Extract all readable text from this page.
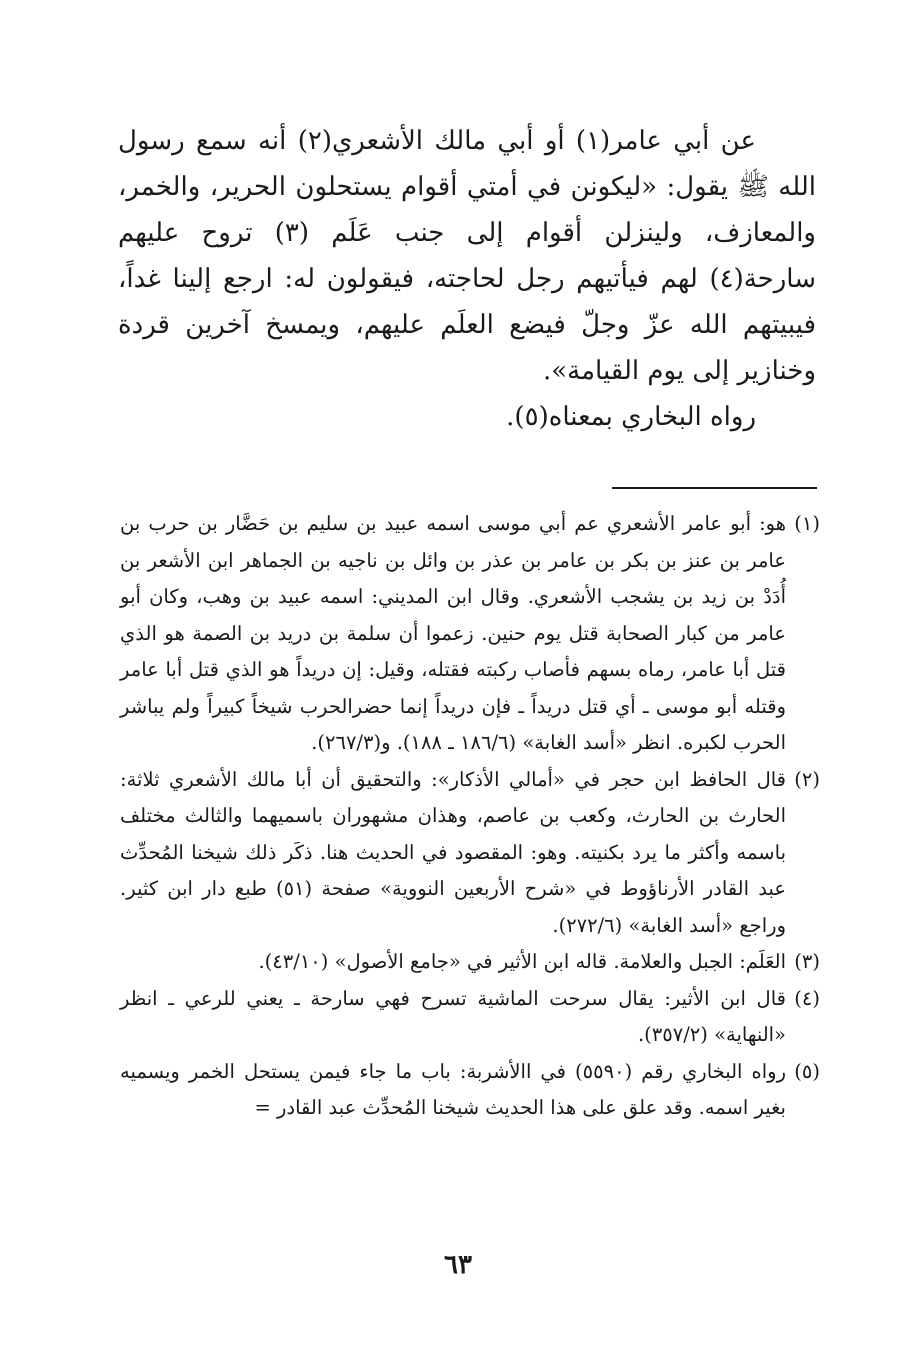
عن أبي عامر(١) أو أبي مالك الأشعري(٢) أنه سمع رسول الله ﷺ يقول: «ليكونن في أمتي أقوام يستحلون الحرير، والخمر، والمعازف، ولينزلن أقوام إلى جنب عَلَم (٣) تروح عليهم سارحة(٤) لهم فيأتيهم رجل لحاجته، فيقولون له: ارجع إلينا غداً، فيبيتهم الله عزّ وجلّ فيضع العلَم عليهم، ويمسخ آخرين قردة وخنازير إلى يوم القيامة».

رواه البخاري بمعناه(٥).

(١)
هو: أبو عامر الأشعري عم أبي موسى اسمه عبيد بن سليم بن حَضَّار بن حرب بن عامر بن عنز بن بكر بن عامر بن عذر بن وائل بن ناجيه بن الجماهر ابن الأشعر بن أُدَدْ بن زيد بن يشجب الأشعري. وقال ابن المديني: اسمه عبيد بن وهب، وكان أبو عامر من كبار الصحابة قتل يوم حنين. زعموا أن سلمة بن دريد بن الصمة هو الذي قتل أبا عامر، رماه بسهم فأصاب ركبته فقتله، وقيل: إن دريداً هو الذي قتل أبا عامر وقتله أبو موسى ـ أي قتل دريداً ـ فإن دريداً إنما حضرالحرب شيخاً كبيراً ولم يباشر الحرب لكبره. انظر «أسد الغابة» (١٨٦/٦ ـ ١٨٨). و(٢٦٧/٣).
(٢)
قال الحافظ ابن حجر في «أمالي الأذكار»: والتحقيق أن أبا مالك الأشعري ثلاثة: الحارث بن الحارث، وكعب بن عاصم، وهذان مشهوران باسميهما والثالث مختلف باسمه وأكثر ما يرد بكنيته. وهو: المقصود في الحديث هنا. ذكَر ذلك شيخنا المُحدِّث عبد القادر الأرناؤوط في «شرح الأربعين النووية» صفحة (٥١) طبع دار ابن كثير. وراجع «أسد الغابة» (٢٧٢/٦).
(٣)
العَلَم: الجبل والعلامة. قاله ابن الأثير في «جامع الأصول» (٤٣/١٠).
(٤)
قال ابن الأثير: يقال سرحت الماشية تسرح فهي سارحة ـ يعني للرعي ـ انظر «النهاية» (٣٥٧/٢).
(٥)
رواه البخاري رقم (٥٥٩٠) في االأشربة: باب ما جاء فيمن يستحل الخمر ويسميه بغير اسمه. وقد علق على هذا الحديث شيخنا المُحدِّث عبد القادر =
٦٣
